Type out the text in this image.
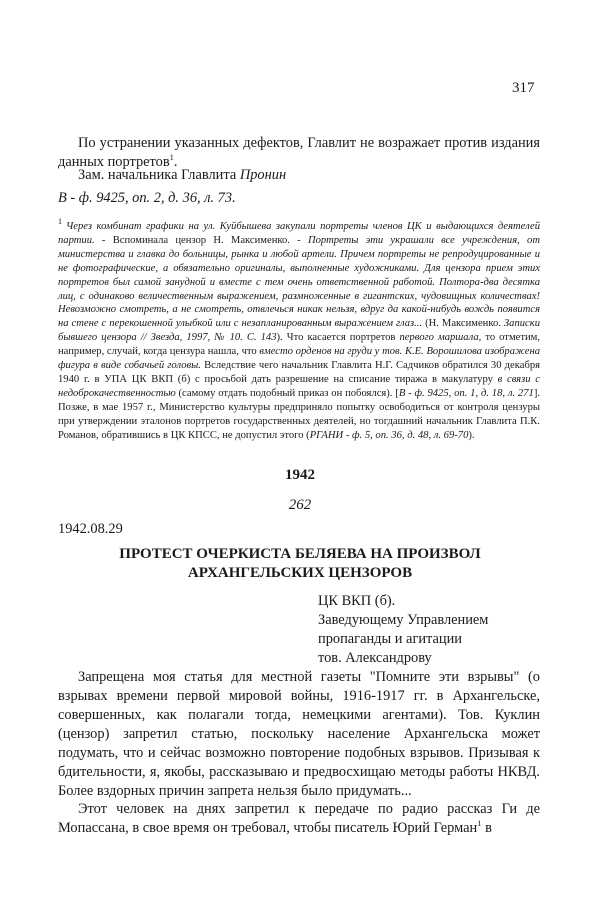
317
По устранении указанных дефектов, Главлит не возражает против издания данных портретов$^1$.
Зам. начальника Главлита Пронин
В - ф. 9425, оп. 2, д. 36, л. 73.
$^1$ Через комбинат графики на ул. Куйбышева закупали портреты членов ЦК и выдающихся деятелей партии. - Вспоминала цензор Н. Максименко. - Портреты эти украшали все учреждения, от министерства и главка до больницы, рынка и любой артели. Причем портреты не репродуцированные и не фотографические, а обязательно оригиналы, выполненные художниками. Для цензора прием этих портретов был самой занудной и вместе с тем очень ответственной работой. Полтора-два десятка лиц, с одинаково величественным выражением, размноженные в гигантских, чудовищных количествах! Невозможно смотреть, а не смотреть, отвлечься никак нельзя, вдруг да какой-нибудь вождь появится на стене с перекошенной улыбкой или с незапланированным выражением глаз... (Н. Максименко. Записки бывшего цензора // Звезда, 1997, № 10. С. 143). Что касается портретов первого маршала, то отметим, например, случай, когда цензура нашла, что вместо орденов на груди у тов. К.Е. Ворошилова изображена фигура в виде собачьей головы. Вследствие чего начальник Главлита Н.Г. Садчиков обратился 30 декабря 1940 г. в УПА ЦК ВКП (б) с просьбой дать разрешение на списание тиража в макулатуру в связи с недоброкачественностью (самому отдать подобный приказ он побоялся). [В - ф. 9425, оп. 1, д. 18, л. 271]. Позже, в мае 1957 г., Министерство культуры предприняло попытку освободиться от контроля цензуры при утверждении эталонов портретов государственных деятелей, но тогдашний начальник Главлита П.К. Романов, обратившись в ЦК КПСС, не допустил этого (РГАНИ - ф. 5, оп. 36, д. 48, л. 69-70).
1942
262
1942.08.29
ПРОТЕСТ ОЧЕРКИСТА БЕЛЯЕВА НА ПРОИЗВОЛ
АРХАНГЕЛЬСКИХ ЦЕНЗОРОВ
ЦК ВКП (б).
Заведующему Управлением
пропаганды и агитации
тов. Александрову
Запрещена моя статья для местной газеты "Помните эти взрывы" (о взрывах времени первой мировой войны, 1916-1917 гг. в Архангельске, совершенных, как полагали тогда, немецкими агентами). Тов. Куклин (цензор) запретил статью, поскольку население Архангельска может подумать, что и сейчас возможно повторение подобных взрывов. Призывая к бдительности, я, якобы, рассказываю и предвосхищаю методы работы НКВД. Более вздорных причин запрета нельзя было придумать...
Этот человек на днях запретил к передаче по радио рассказ Ги де Мопассана, в свое время он требовал, чтобы писатель Юрий Герман$^1$ в
